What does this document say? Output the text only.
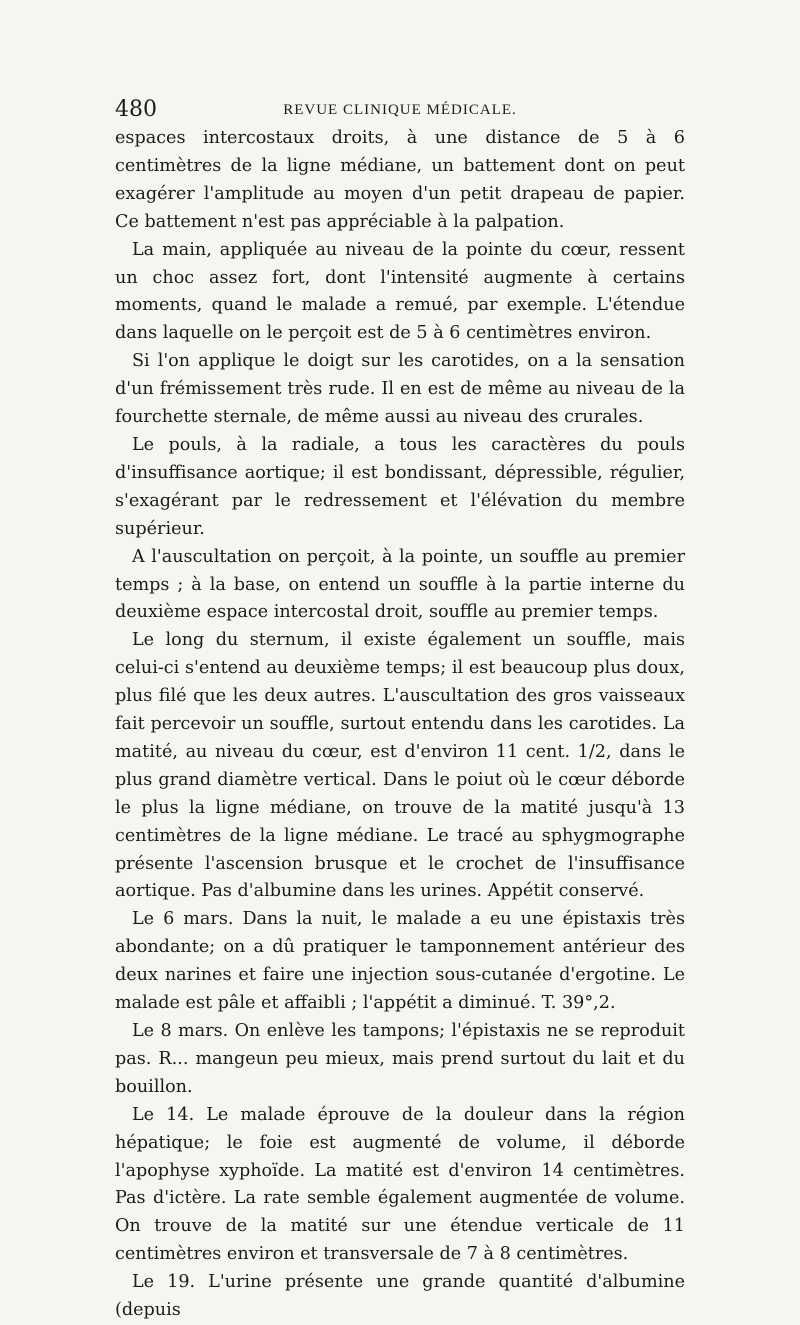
480	REVUE CLINIQUE MÉDICALE.

espaces intercostaux droits, à une distance de 5 à 6 centimètres de la ligne médiane, un battement dont on peut exagérer l'amplitude au moyen d'un petit drapeau de papier. Ce battement n'est pas appréciable à la palpation.

La main, appliquée au niveau de la pointe du cœur, ressent un choc assez fort, dont l'intensité augmente à certains moments, quand le malade a remué, par exemple. L'étendue dans laquelle on le perçoit est de 5 à 6 centimètres environ.

Si l'on applique le doigt sur les carotides, on a la sensation d'un frémissement très rude. Il en est de même au niveau de la fourchette sternale, de même aussi au niveau des crurales.

Le pouls, à la radiale, a tous les caractères du pouls d'insuffisance aortique; il est bondissant, dépressible, régulier, s'exagérant par le redressement et l'élévation du membre supérieur.

A l'auscultation on perçoit, à la pointe, un souffle au premier temps ; à la base, on entend un souffle à la partie interne du deuxième espace intercostal droit, souffle au premier temps.

Le long du sternum, il existe également un souffle, mais celui-ci s'entend au deuxième temps; il est beaucoup plus doux, plus filé que les deux autres. L'auscultation des gros vaisseaux fait percevoir un souffle, surtout entendu dans les carotides. La matité, au niveau du cœur, est d'environ 11 cent. 1/2, dans le plus grand diamètre vertical. Dans le poiut où le cœur déborde le plus la ligne médiane, on trouve de la matité jusqu'à 13 centimètres de la ligne médiane. Le tracé au sphygmographe présente l'ascension brusque et le crochet de l'insuffisance aortique. Pas d'albumine dans les urines. Appétit conservé.

Le 6 mars. Dans la nuit, le malade a eu une épistaxis très abondante; on a dû pratiquer le tamponnement antérieur des deux narines et faire une injection sous-cutanée d'ergotine. Le malade est pâle et affaibli ; l'appétit a diminué. T. 39°,2.

Le 8 mars. On enlève les tampons; l'épistaxis ne se reproduit pas. R... mangeun peu mieux, mais prend surtout du lait et du bouillon.

Le 14. Le malade éprouve de la douleur dans la région hépatique; le foie est augmenté de volume, il déborde l'apophyse xyphoïde. La matité est d'environ 14 centimètres. Pas d'ictère. La rate semble également augmentée de volume. On trouve de la matité sur une étendue verticale de 11 centimètres environ et transversale de 7 à 8 centimètres.

Le 19. L'urine présente une grande quantité d'albumine (depuis
